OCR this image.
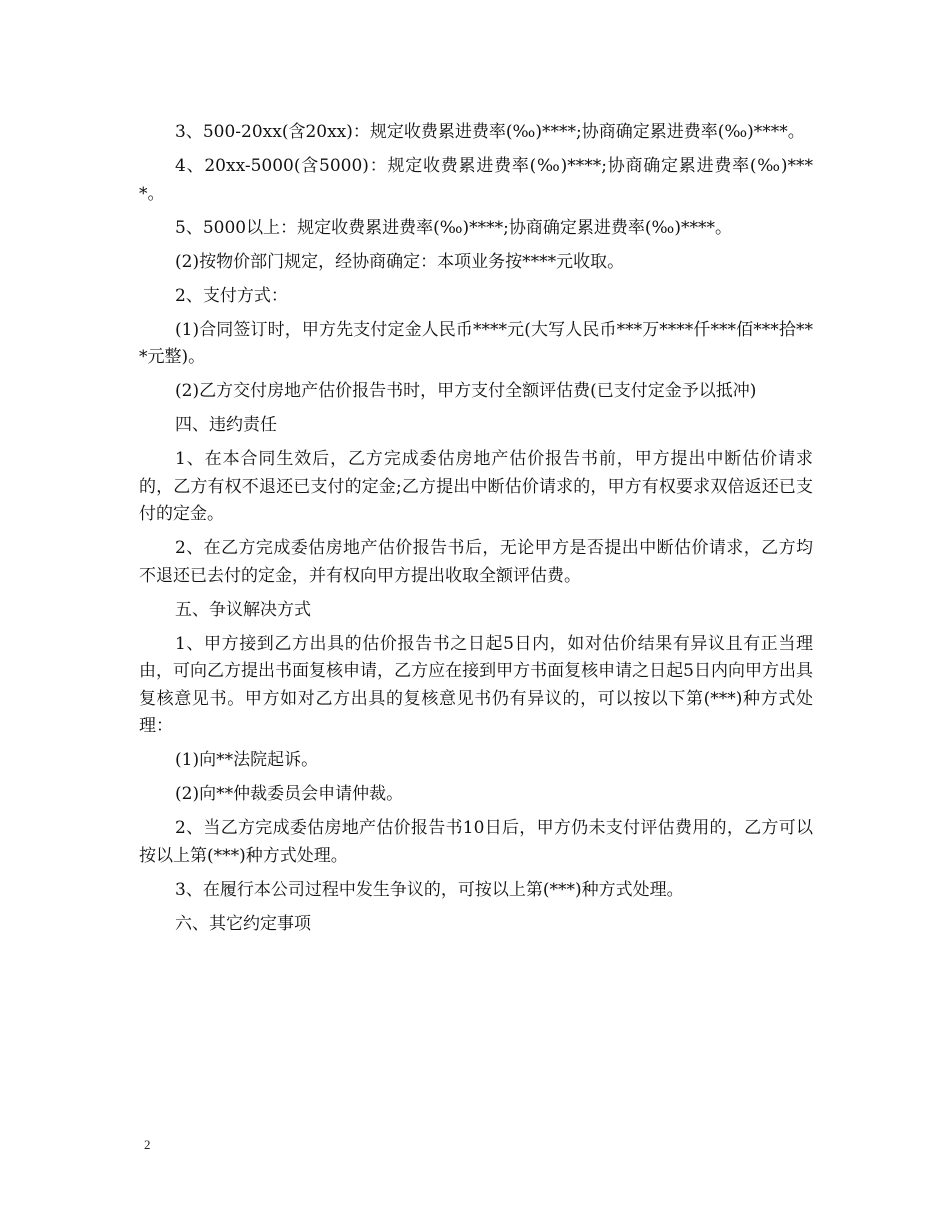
3、500-20xx(含20xx)：规定收费累进费率(‰)****;协商确定累进费率(‰)****。

4、20xx-5000(含5000)：规定收费累进费率(‰)****;协商确定累进费率(‰)****。

5、5000以上：规定收费累进费率(‰)****;协商确定累进费率(‰)****。

(2)按物价部门规定，经协商确定：本项业务按****元收取。

2、支付方式：

(1)合同签订时，甲方先支付定金人民币****元(大写人民币***万****仟***佰***拾***元整)。

(2)乙方交付房地产估价报告书时，甲方支付全额评估费(已支付定金予以抵冲)

四、违约责任

1、在本合同生效后，乙方完成委估房地产估价报告书前，甲方提出中断估价请求的，乙方有权不退还已支付的定金;乙方提出中断估价请求的，甲方有权要求双倍返还已支付的定金。

2、在乙方完成委估房地产估价报告书后，无论甲方是否提出中断估价请求，乙方均不退还已去付的定金，并有权向甲方提出收取全额评估费。

五、争议解决方式

1、甲方接到乙方出具的估价报告书之日起5日内，如对估价结果有异议且有正当理由，可向乙方提出书面复核申请，乙方应在接到甲方书面复核申请之日起5日内向甲方出具复核意见书。甲方如对乙方出具的复核意见书仍有异议的，可以按以下第(***)种方式处理：

(1)向**法院起诉。

(2)向**仲裁委员会申请仲裁。

2、当乙方完成委估房地产估价报告书10日后，甲方仍未支付评估费用的，乙方可以按以上第(***)种方式处理。

3、在履行本公司过程中发生争议的，可按以上第(***)种方式处理。

六、其它约定事项

2
